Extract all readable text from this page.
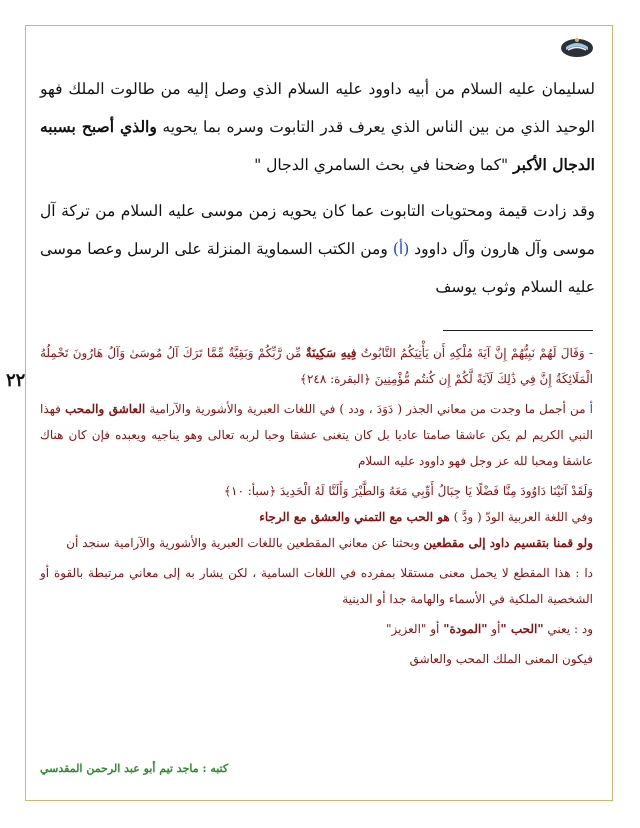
لسليمان عليه السلام من أبيه داوود عليه السلام الذي وصل إليه من طالوت الملك فهو الوحيد الذي من بين الناس الذي يعرف قدر التابوت وسره بما يحويه والذي أصبح بسببه الدجال الأكبر "كما وضحنا في بحث السامري الدجال "

وقد زادت قيمة ومحتويات التابوت عما كان يحويه زمن موسى عليه السلام من تركة آل موسى وآل هارون وآل داوود (أ) ومن الكتب السماوية المنزلة على الرسل وعصا موسى عليه السلام وثوب يوسف

٢٢

- وَقَالَ لَهُمْ نَبِيُّهُمْ إِنَّ آيَةَ مُلْكِهِ أَن يَأْتِيَكُمُ التَّابُوتُ فِيهِ سَكِينَةٌ مِّن رَّبِّكُمْ وَبَقِيَّةٌ مِّمَّا تَرَكَ آلُ مُوسَىٰ وَآلُ هَارُونَ تَحْمِلُهُ الْمَلَائِكَةُ إِنَّ فِي ذَٰلِكَ لَآيَةً لَّكُمْ إِن كُنتُم مُّؤْمِنِينَ ﴿البقرة: ٢٤٨﴾

أ من أجمل ما وجدت من معاني الجذر ( دَوَدَ ، ودد ) في اللغات العبرية والأشورية والآرامية العاشق والمحب فهذا النبي الكريم لم يكن عاشقا صامتا عاديا بل كان يتغنى عشقا وحبا لربه تعالى وهو يناجيه ويعبده فإن كان هناك عاشقا ومحبا لله عز وجل فهو داوود عليه السلام

وَلَقَدْ آتَيْنَا دَاوُودَ مِنَّا فَضْلًا يَا جِبَالُ أَوِّبِي مَعَهُ وَالطَّيْرَ وَأَلَنَّا لَهُ الْحَدِيدَ ﴿سبأ: ١٠﴾

وفي اللغة العربية الودّ ( ودَّ ) هو الحب مع التمني والعشق مع الرجاء

ولو قمنا بتقسيم داود إلى مقطعين وبحثنا عن معاني المقطعين باللغات العبرية والأشورية والآرامية سنجد أن

دا : هذا المقطع لا يحمل معنى مستقلا بمفرده في اللغات السامية ، لكن يشار به إلى معاني مرتبطة بالقوة أو الشخصية الملكية في الأسماء والهامة جدا أو الدينية

ود : يعني "الحب "أو "المودة" أو "العزيز"

فيكون المعنى الملك المحب والعاشق

كتبه : ماجد تيم أبو عبد الرحمن المقدسي
